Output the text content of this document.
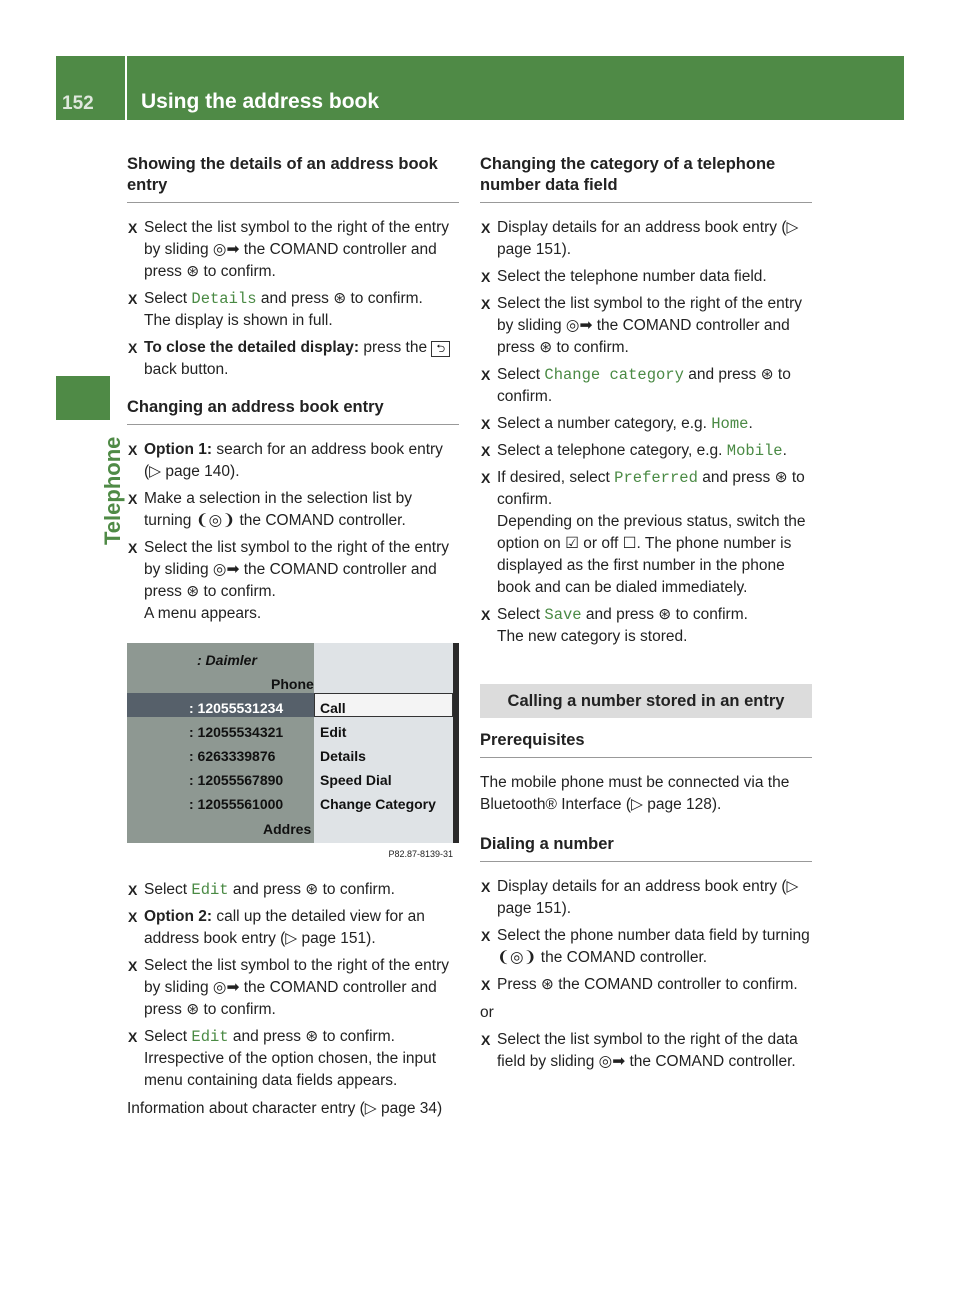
152 Using the address book
Telephone
Showing the details of an address book entry
X Select the list symbol to the right of the entry by sliding ◎➡ the COMAND controller and press ⊛ to confirm.
X Select Details and press ⊛ to confirm.
The display is shown in full.
X To close the detailed display: press the ⮌ back button.
Changing an address book entry
X Option 1: search for an address book entry (▷ page 140).
X Make a selection in the selection list by turning ❨◎❩ the COMAND controller.
X Select the list symbol to the right of the entry by sliding ◎➡ the COMAND controller and press ⊛ to confirm.
A menu appears.
: Daimler
Phone
: 12055531234
: 12055534321
: 6263339876
: 12055567890
: 12055561000
Addres
Call
Edit
Details
Speed Dial
Change Category
P82.87-8139-31
X Select Edit and press ⊛ to confirm.
X Option 2: call up the detailed view for an address book entry (▷ page 151).
X Select the list symbol to the right of the entry by sliding ◎➡ the COMAND controller and press ⊛ to confirm.
X Select Edit and press ⊛ to confirm.
Irrespective of the option chosen, the input menu containing data fields appears.
Information about character entry (▷ page 34)
Changing the category of a telephone number data field
X Display details for an address book entry (▷ page 151).
X Select the telephone number data field.
X Select the list symbol to the right of the entry by sliding ◎➡ the COMAND controller and press ⊛ to confirm.
X Select Change category and press ⊛ to confirm.
X Select a number category, e.g. Home.
X Select a telephone category, e.g. Mobile.
X If desired, select Preferred and press ⊛ to confirm.
Depending on the previous status, switch the option on ☑ or off ☐. The phone number is displayed as the first number in the phone book and can be dialed immediately.
X Select Save and press ⊛ to confirm.
The new category is stored.
Calling a number stored in an entry
Prerequisites
The mobile phone must be connected via the Bluetooth® Interface (▷ page 128).
Dialing a number
X Display details for an address book entry (▷ page 151).
X Select the phone number data field by turning ❨◎❩ the COMAND controller.
X Press ⊛ the COMAND controller to confirm.
or
X Select the list symbol to the right of the data field by sliding ◎➡ the COMAND controller.
